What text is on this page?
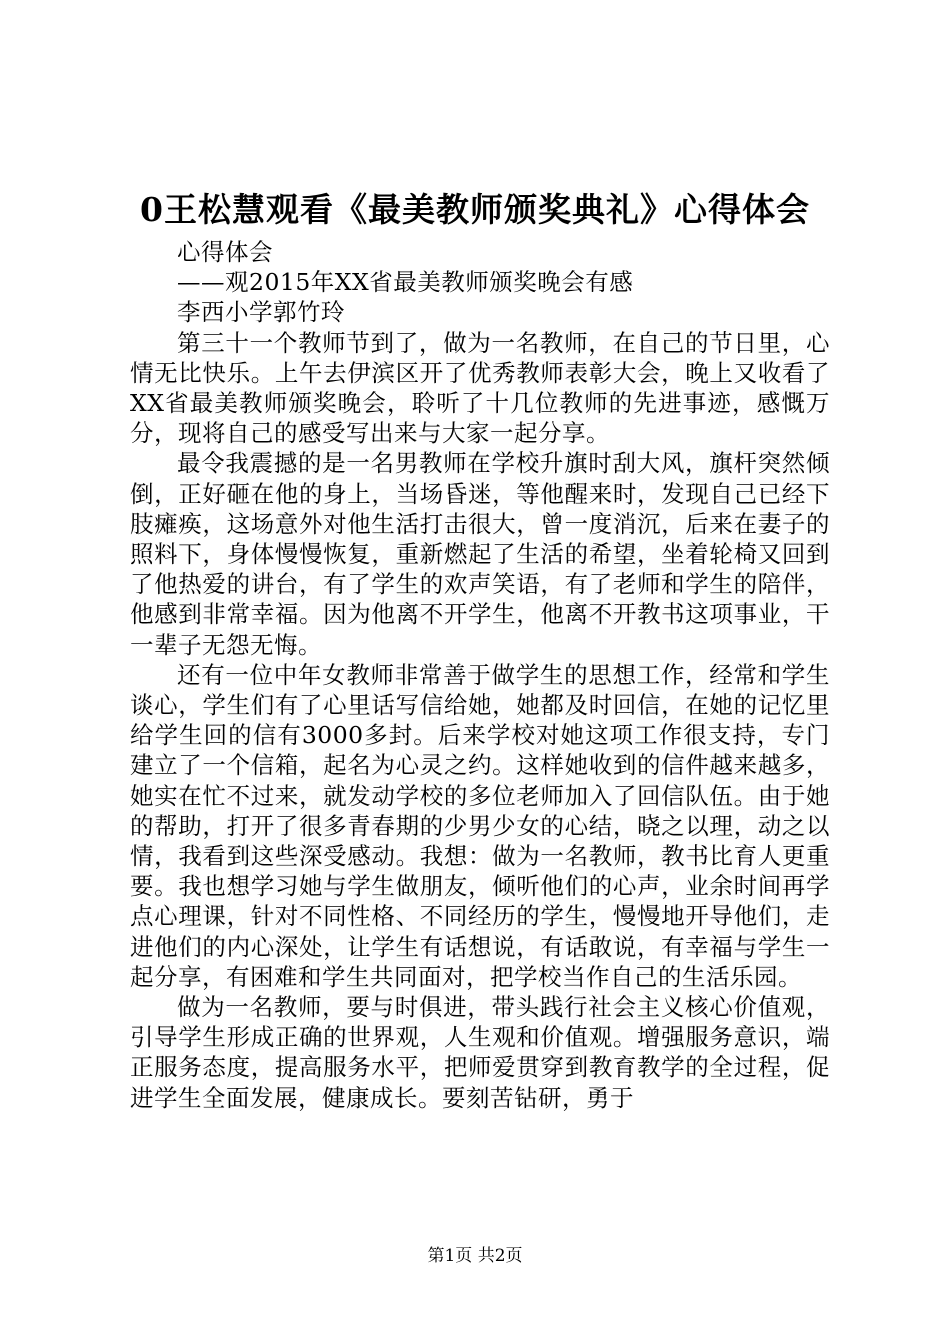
0王松慧观看《最美教师颁奖典礼》心得体会

心得体会

——观2015年XX省最美教师颁奖晚会有感

李西小学郭竹玲

第三十一个教师节到了，做为一名教师，在自己的节日里，心情无比快乐。上午去伊滨区开了优秀教师表彰大会，晚上又收看了XX省最美教师颁奖晚会，聆听了十几位教师的先进事迹，感慨万分，现将自己的感受写出来与大家一起分享。

最令我震撼的是一名男教师在学校升旗时刮大风，旗杆突然倾倒，正好砸在他的身上，当场昏迷，等他醒来时，发现自己已经下肢瘫痪，这场意外对他生活打击很大，曾一度消沉，后来在妻子的照料下，身体慢慢恢复，重新燃起了生活的希望，坐着轮椅又回到了他热爱的讲台，有了学生的欢声笑语，有了老师和学生的陪伴，他感到非常幸福。因为他离不开学生，他离不开教书这项事业，干一辈子无怨无悔。

还有一位中年女教师非常善于做学生的思想工作，经常和学生谈心，学生们有了心里话写信给她，她都及时回信，在她的记忆里给学生回的信有3000多封。后来学校对她这项工作很支持，专门建立了一个信箱，起名为心灵之约。这样她收到的信件越来越多，她实在忙不过来，就发动学校的多位老师加入了回信队伍。由于她的帮助，打开了很多青春期的少男少女的心结，晓之以理，动之以情，我看到这些深受感动。我想：做为一名教师，教书比育人更重要。我也想学习她与学生做朋友，倾听他们的心声，业余时间再学点心理课，针对不同性格、不同经历的学生，慢慢地开导他们，走进他们的内心深处，让学生有话想说，有话敢说，有幸福与学生一起分享，有困难和学生共同面对，把学校当作自己的生活乐园。

做为一名教师，要与时俱进，带头践行社会主义核心价值观，引导学生形成正确的世界观，人生观和价值观。增强服务意识，端正服务态度，提高服务水平，把师爱贯穿到教育教学的全过程，促进学生全面发展，健康成长。要刻苦钻研，勇于

第1页 共2页
